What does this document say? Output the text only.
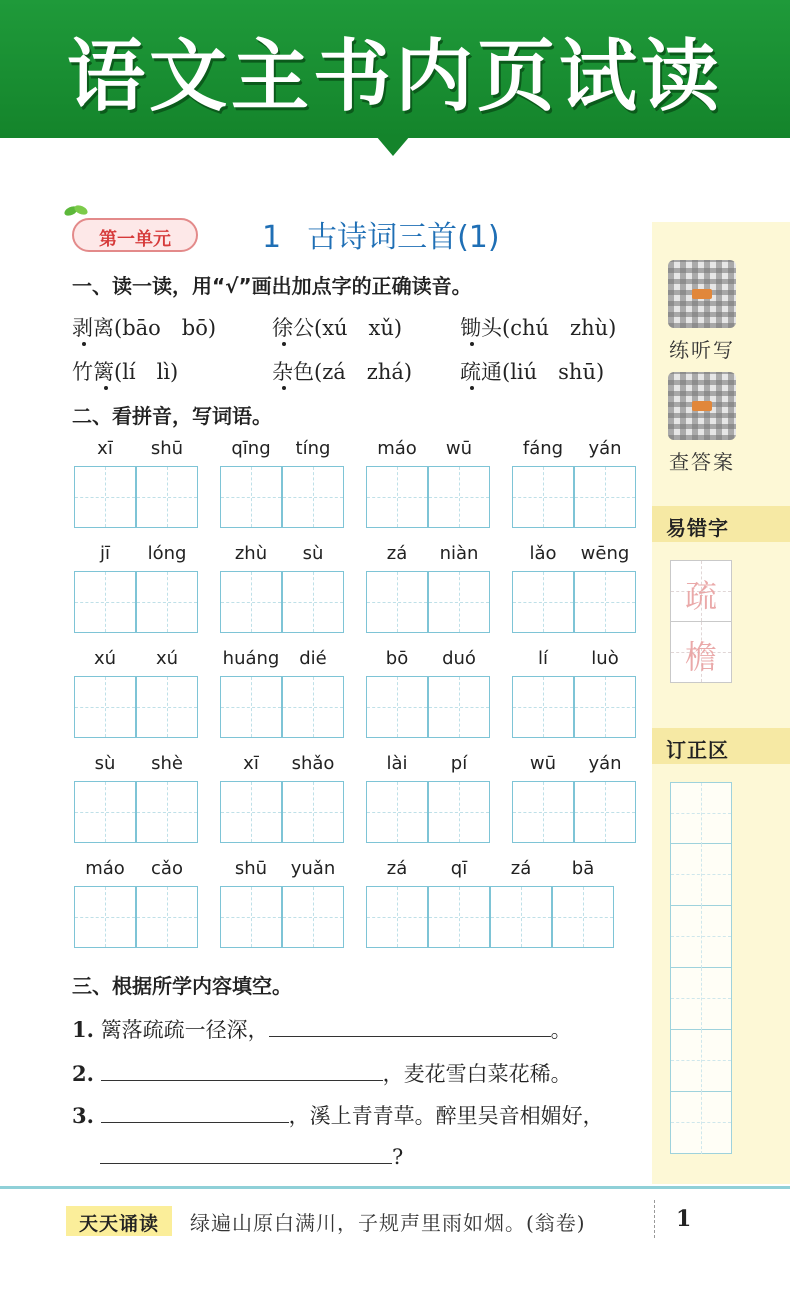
语文主书内页试读
练听写
查答案
易错字
疏
檐
订正区
第一单元	1 古诗词三首(1)
一、读一读，用“√”画出加点字的正确读音。
剥离(bāo　bō)	徐公(xú　xǔ)	锄头(chú　zhù)
竹篱(lí　lì)	杂色(zá　zhá) 疏通(liú　shū)
二、看拼音，写词语。
xī	shū	qīng	tíng	máo	wū	fáng	yán
jī	lóng	zhù	sù	zá	niàn	lǎo	wēng
xú	xú	huáng	dié	bō	duó	lí	luò
sù	shè	xī	shǎo	lài	pí	wū	yán
máo	cǎo	shū	yuǎn	zá	qī	zá	bā
三、根据所学内容填空。
1. 篱落疏疏一径深，	。
2.	，麦花雪白菜花稀。
3.	，溪上青青草。醉里吴音相媚好，
?
天天诵读	绿遍山原白满川，子规声里雨如烟。(翁卷)	1
